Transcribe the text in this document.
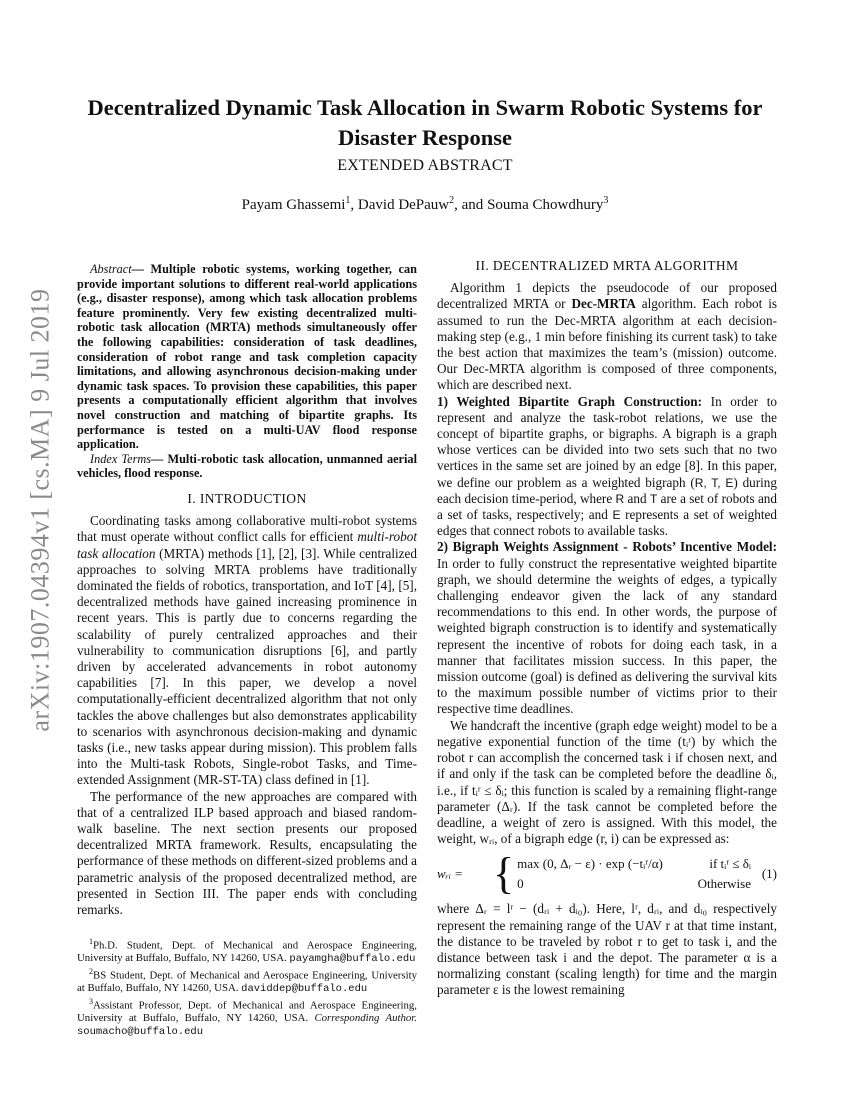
arXiv:1907.04394v1 [cs.MA] 9 Jul 2019
Decentralized Dynamic Task Allocation in Swarm Robotic Systems for Disaster Response
EXTENDED ABSTRACT
Payam Ghassemi$^1$, David DePauw$^2$, and Souma Chowdhury$^3$

Abstract— Multiple robotic systems, working together, can provide important solutions to different real-world applications (e.g., disaster response), among which task allocation problems feature prominently. Very few existing decentralized multi-robotic task allocation (MRTA) methods simultaneously offer the following capabilities: consideration of task deadlines, consideration of robot range and task completion capacity limitations, and allowing asynchronous decision-making under dynamic task spaces. To provision these capabilities, this paper presents a computationally efficient algorithm that involves novel construction and matching of bipartite graphs. Its performance is tested on a multi-UAV flood response application.

Index Terms— Multi-robotic task allocation, unmanned aerial vehicles, flood response.

I. INTRODUCTION

Coordinating tasks among collaborative multi-robot systems that must operate without conflict calls for efficient multi-robot task allocation (MRTA) methods [1], [2], [3]. While centralized approaches to solving MRTA problems have traditionally dominated the fields of robotics, transportation, and IoT [4], [5], decentralized methods have gained increasing prominence in recent years. This is partly due to concerns regarding the scalability of purely centralized approaches and their vulnerability to communication disruptions [6], and partly driven by accelerated advancements in robot autonomy capabilities [7]. In this paper, we develop a novel computationally-efficient decentralized algorithm that not only tackles the above challenges but also demonstrates applicability to scenarios with asynchronous decision-making and dynamic tasks (i.e., new tasks appear during mission). This problem falls into the Multi-task Robots, Single-robot Tasks, and Time-extended Assignment (MR-ST-TA) class defined in [1].

The performance of the new approaches are compared with that of a centralized ILP based approach and biased random-walk baseline. The next section presents our proposed decentralized MRTA framework. Results, encapsulating the performance of these methods on different-sized problems and a parametric analysis of the proposed decentralized method, are presented in Section III. The paper ends with concluding remarks.

$^1$Ph.D. Student, Dept. of Mechanical and Aerospace Engineering, University at Buffalo, Buffalo, NY 14260, USA. payamgha@buffalo.edu

$^2$BS Student, Dept. of Mechanical and Aerospace Engineering, University at Buffalo, Buffalo, NY 14260, USA. daviddep@buffalo.edu

$^3$Assistant Professor, Dept. of Mechanical and Aerospace Engineering, University at Buffalo, Buffalo, NY 14260, USA. Corresponding Author. soumacho@buffalo.edu

II. DECENTRALIZED MRTA ALGORITHM

Algorithm 1 depicts the pseudocode of our proposed decentralized MRTA or Dec-MRTA algorithm. Each robot is assumed to run the Dec-MRTA algorithm at each decision-making step (e.g., 1 min before finishing its current task) to take the best action that maximizes the team’s (mission) outcome. Our Dec-MRTA algorithm is composed of three components, which are described next.

1) Weighted Bipartite Graph Construction: In order to represent and analyze the task-robot relations, we use the concept of bipartite graphs, or bigraphs. A bigraph is a graph whose vertices can be divided into two sets such that no two vertices in the same set are joined by an edge [8]. In this paper, we define our problem as a weighted bigraph (R, T, E) during each decision time-period, where R and T are a set of robots and a set of tasks, respectively; and E represents a set of weighted edges that connect robots to available tasks.

2) Bigraph Weights Assignment - Robots’ Incentive Model: In order to fully construct the representative weighted bipartite graph, we should determine the weights of edges, a typically challenging endeavor given the lack of any standard recommendations to this end. In other words, the purpose of weighted bigraph construction is to identify and systematically represent the incentive of robots for doing each task, in a manner that facilitates mission success. In this paper, the mission outcome (goal) is defined as delivering the survival kits to the maximum possible number of victims prior to their respective time deadlines.

We handcraft the incentive (graph edge weight) model to be a negative exponential function of the time (tᵢʳ) by which the robot r can accomplish the concerned task i if chosen next, and if and only if the task can be completed before the deadline δᵢ, i.e., if tᵢʳ ≤ δᵢ; this function is scaled by a remaining flight-range parameter (Δᵣ). If the task cannot be completed before the deadline, a weight of zero is assigned. With this model, the weight, wᵣᵢ, of a bigraph edge (r, i) can be expressed as:

wᵣᵢ = { max (0, Δᵣ − ε) · exp (−tᵢʳ/α)	if tᵢʳ ≤ δᵢ
0	Otherwise
(1)

where Δᵣ = lʳ − (dᵣᵢ + dᵢ₀). Here, lʳ, dᵣᵢ, and dᵢ₀ respectively represent the remaining range of the UAV r at that time instant, the distance to be traveled by robot r to get to task i, and the distance between task i and the depot. The parameter α is a normalizing constant (scaling length) for time and the margin parameter ε is the lowest remaining
